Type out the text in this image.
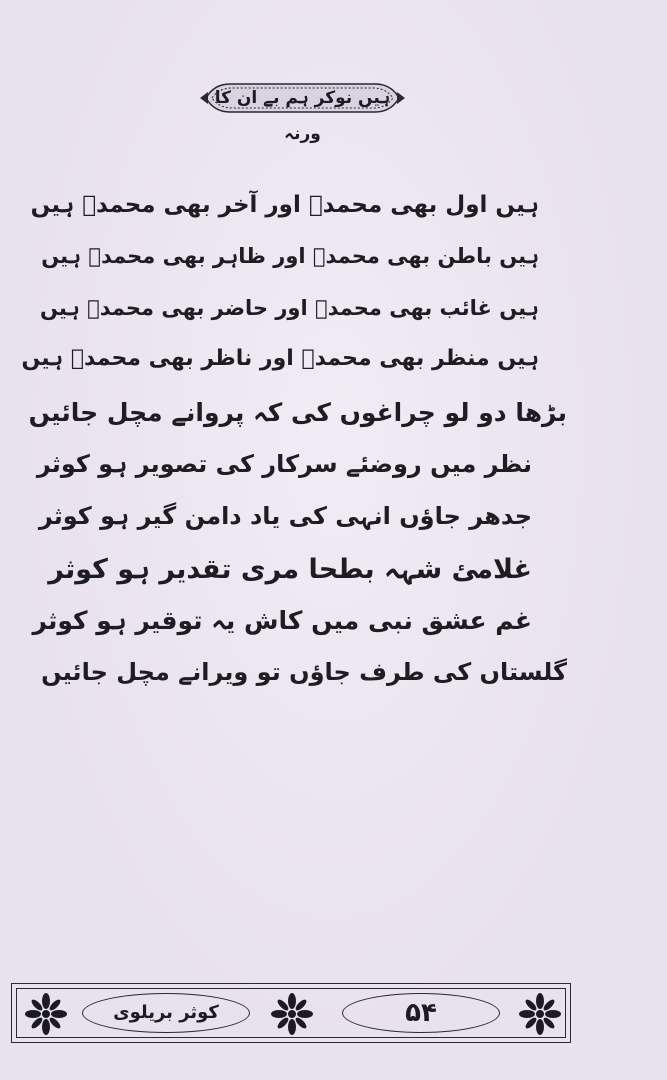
ہیں نوکر ہم بے ان کا ورنہ
ہیں اول بھی محمدؐ اور آخر بھی محمدؐ ہیں
ہیں باطن بھی محمدؐ اور ظاہر بھی محمدؐ ہیں
ہیں غائب بھی محمدؐ اور حاضر بھی محمدؐ ہیں
ہیں منظر بھی محمدؐ اور ناظر بھی محمدؐ ہیں
بڑھا دو لو چراغوں کی کہ پروانے مچل جائیں
نظر میں روضئے سرکار کی تصویر ہو کوثر
جدھر جاؤں انہی کی یاد دامن گیر ہو کوثر
غلامئ شہہ بطحا مری تقدیر ہو کوثر
غم عشق نبی میں کاش یہ توقیر ہو کوثر
گلستاں کی طرف جاؤں تو ویرانے مچل جائیں
کوثر بریلوی	۵۴
